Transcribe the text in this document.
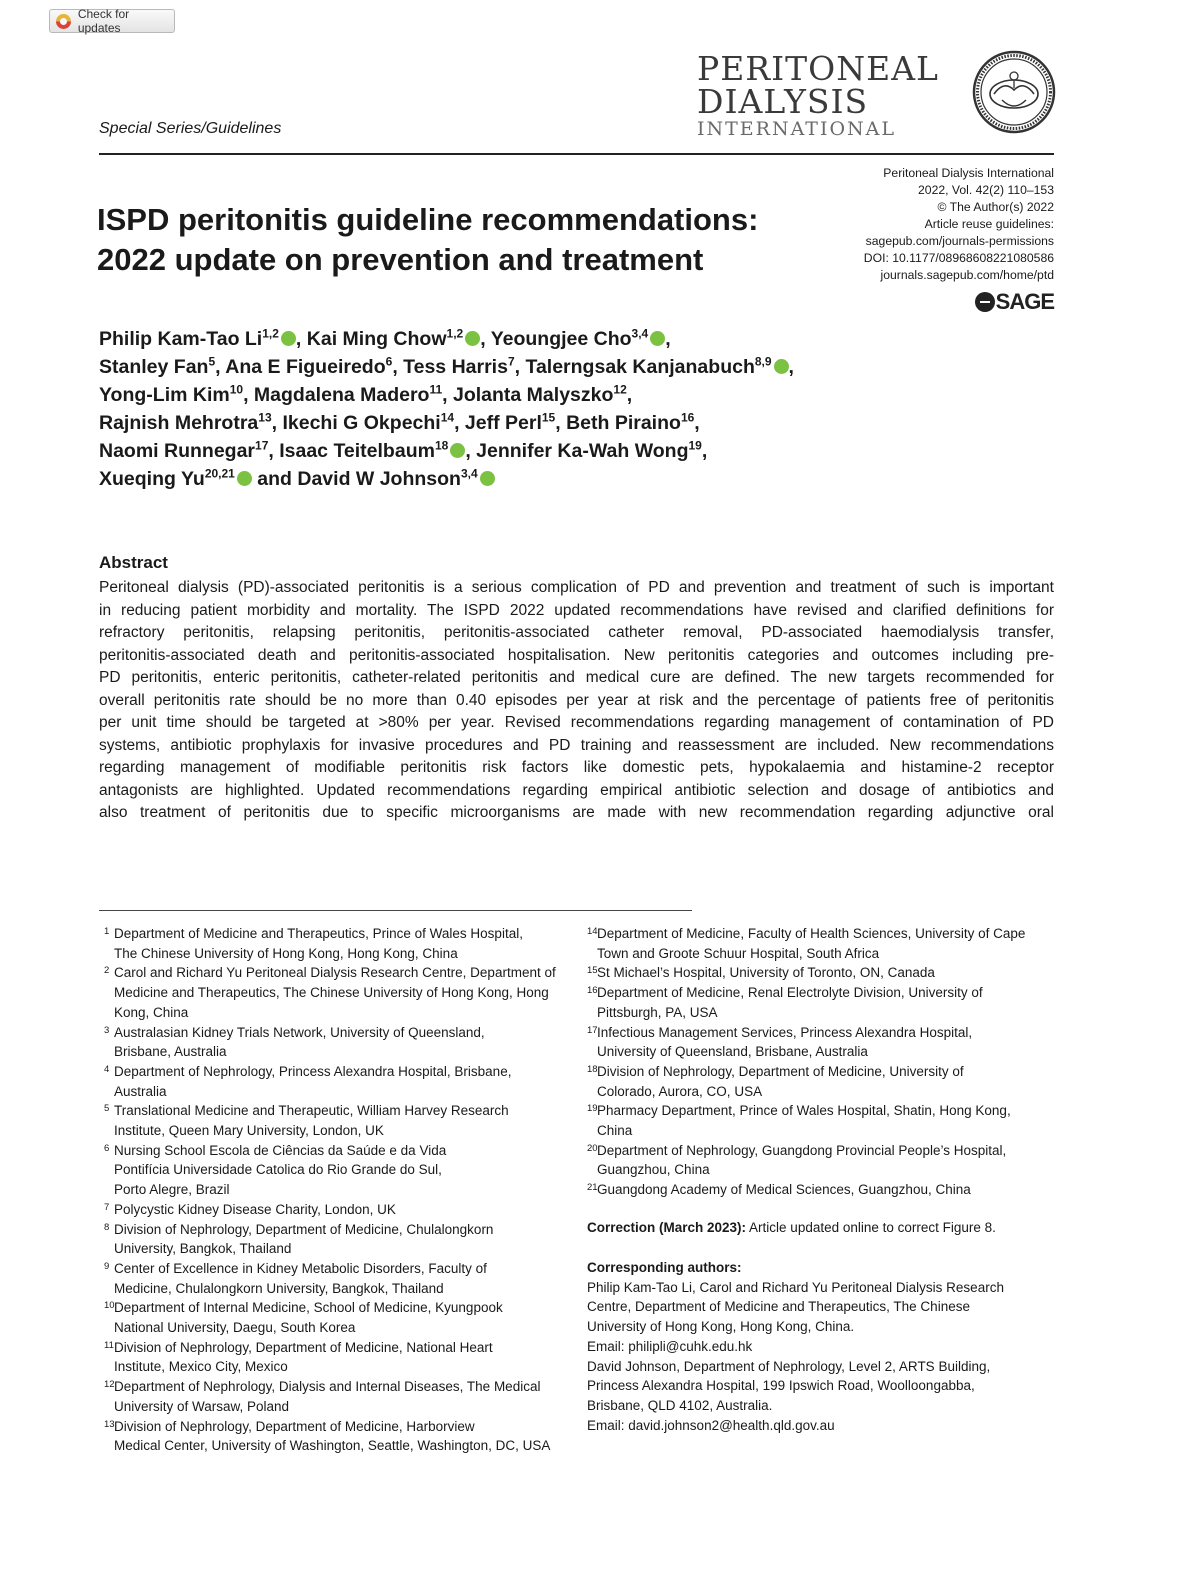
Check for updates
PERITONEAL
DIALYSIS
INTERNATIONAL
Special Series/Guidelines
Peritoneal Dialysis International
2022, Vol. 42(2) 110–153
© The Author(s) 2022
Article reuse guidelines:
sagepub.com/journals-permissions
DOI: 10.1177/08968608221080586
journals.sagepub.com/home/ptd
SAGE
ISPD peritonitis guideline recommendations:
2022 update on prevention and treatment
Philip Kam-Tao Li$^{1,2}$ , Kai Ming Chow$^{1,2}$ , Yeoungjee Cho$^{3,4}$ ,
Stanley Fan$^5$, Ana E Figueiredo$^6$, Tess Harris$^7$, Talerngsak Kanjanabuch$^{8,9}$ ,
Yong-Lim Kim$^{10}$, Magdalena Madero$^{11}$, Jolanta Malyszko$^{12}$,
Rajnish Mehrotra$^{13}$, Ikechi G Okpechi$^{14}$, Jeff Perl$^{15}$, Beth Piraino$^{16}$,
Naomi Runnegar$^{17}$, Isaac Teitelbaum$^{18}$ , Jennifer Ka-Wah Wong$^{19}$,
Xueqing Yu$^{20,21}$ and David W Johnson$^{3,4}$
Abstract
Peritoneal dialysis (PD)-associated peritonitis is a serious complication of PD and prevention and treatment of such is important
in reducing patient morbidity and mortality. The ISPD 2022 updated recommendations have revised and clarified definitions for
refractory peritonitis, relapsing peritonitis, peritonitis-associated catheter removal, PD-associated haemodialysis transfer,
peritonitis-associated death and peritonitis-associated hospitalisation. New peritonitis categories and outcomes including pre-
PD peritonitis, enteric peritonitis, catheter-related peritonitis and medical cure are defined. The new targets recommended for
overall peritonitis rate should be no more than 0.40 episodes per year at risk and the percentage of patients free of peritonitis
per unit time should be targeted at >80% per year. Revised recommendations regarding management of contamination of PD
systems, antibiotic prophylaxis for invasive procedures and PD training and reassessment are included. New recommendations
regarding management of modifiable peritonitis risk factors like domestic pets, hypokalaemia and histamine-2 receptor
antagonists are highlighted. Updated recommendations regarding empirical antibiotic selection and dosage of antibiotics and
also treatment of peritonitis due to specific microorganisms are made with new recommendation regarding adjunctive oral
1 Department of Medicine and Therapeutics, Prince of Wales Hospital,
The Chinese University of Hong Kong, Hong Kong, China
2 Carol and Richard Yu Peritoneal Dialysis Research Centre, Department of
Medicine and Therapeutics, The Chinese University of Hong Kong, Hong
Kong, China
3 Australasian Kidney Trials Network, University of Queensland,
Brisbane, Australia
4 Department of Nephrology, Princess Alexandra Hospital, Brisbane,
Australia
5 Translational Medicine and Therapeutic, William Harvey Research
Institute, Queen Mary University, London, UK
6 Nursing School Escola de Ciências da Saúde e da Vida
Pontifícia Universidade Catolica do Rio Grande do Sul,
Porto Alegre, Brazil
7 Polycystic Kidney Disease Charity, London, UK
8 Division of Nephrology, Department of Medicine, Chulalongkorn
University, Bangkok, Thailand
9 Center of Excellence in Kidney Metabolic Disorders, Faculty of
Medicine, Chulalongkorn University, Bangkok, Thailand
10 Department of Internal Medicine, School of Medicine, Kyungpook
National University, Daegu, South Korea
11 Division of Nephrology, Department of Medicine, National Heart
Institute, Mexico City, Mexico
12 Department of Nephrology, Dialysis and Internal Diseases, The Medical
University of Warsaw, Poland
13 Division of Nephrology, Department of Medicine, Harborview
Medical Center, University of Washington, Seattle, Washington, DC, USA
14 Department of Medicine, Faculty of Health Sciences, University of Cape
Town and Groote Schuur Hospital, South Africa
15 St Michael’s Hospital, University of Toronto, ON, Canada
16 Department of Medicine, Renal Electrolyte Division, University of
Pittsburgh, PA, USA
17 Infectious Management Services, Princess Alexandra Hospital,
University of Queensland, Brisbane, Australia
18 Division of Nephrology, Department of Medicine, University of
Colorado, Aurora, CO, USA
19 Pharmacy Department, Prince of Wales Hospital, Shatin, Hong Kong,
China
20 Department of Nephrology, Guangdong Provincial People’s Hospital,
Guangzhou, China
21 Guangdong Academy of Medical Sciences, Guangzhou, China
Correction (March 2023): Article updated online to correct Figure 8.
Corresponding authors:
Philip Kam-Tao Li, Carol and Richard Yu Peritoneal Dialysis Research
Centre, Department of Medicine and Therapeutics, The Chinese
University of Hong Kong, Hong Kong, China.
Email: philipli@cuhk.edu.hk
David Johnson, Department of Nephrology, Level 2, ARTS Building,
Princess Alexandra Hospital, 199 Ipswich Road, Woolloongabba,
Brisbane, QLD 4102, Australia.
Email: david.johnson2@health.qld.gov.au
